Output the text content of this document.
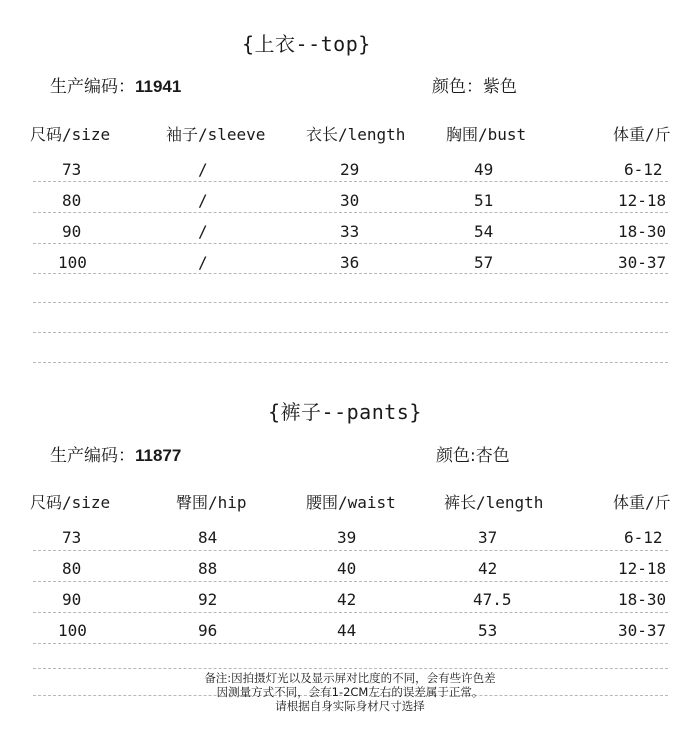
{上衣--top}
生产编码：11941	颜色：紫色
尺码/size	袖子/sleeve	衣长/length	胸围/bust	体重/斤
73	/	29	49	6-12
80	/	30	51	12-18
90	/	33	54	18-30
100	/	36	57	30-37
{裤子--pants}
生产编码：11877	颜色:杏色
尺码/size	臀围/hip	腰围/waist	裤长/length	体重/斤
73	84	39	37	6-12
80	88	40	42	12-18
90	92	42	47.5	18-30
100	96	44	53	30-37
备注:因拍摄灯光以及显示屏对比度的不同，会有些许色差
因测量方式不同，会有1-2CM左右的误差属于正常。
请根据自身实际身材尺寸选择
